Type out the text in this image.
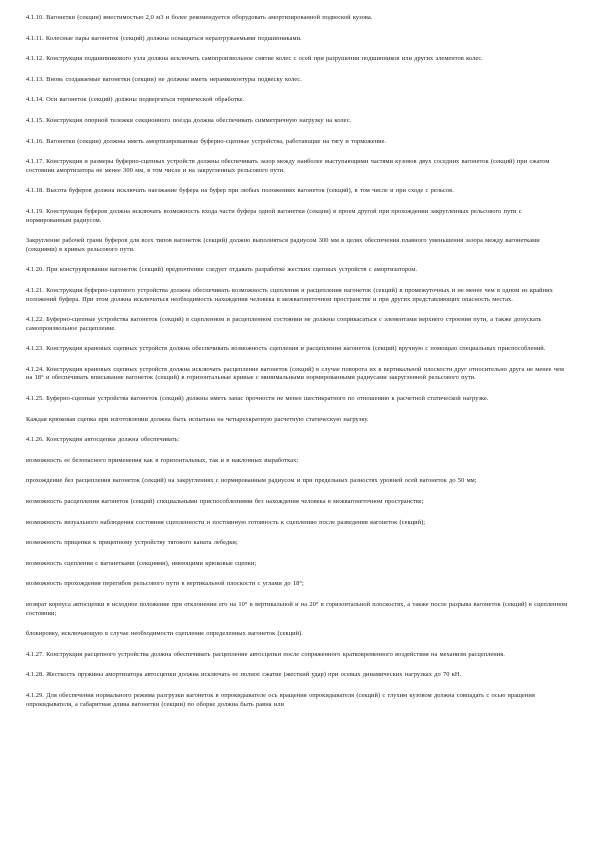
4.1.10. Вагонетки (секции) вместимостью 2,0 м3 и более рекомендуется оборудовать амортизированной подвеской кузова.

4.1.11. Колесные пары вагонеток (секций) должны оснащаться неразгружаемыми подшипниками.

4.1.12. Конструкция подшипникового узла должна исключать самопроизвольное снятие колес с осей при разрушении подшипников или других элементов колес.

4.1.13. Вновь создаваемые вагонетки (секции) не должны иметь нерамкоконтуры подвеску колес.

4.1.14. Оси вагонеток (секций) должны подвергаться термической обработке.

4.1.15. Конструкция опорной тележки секционного поезда должна обеспечивать симметричную нагрузку на колес.

4.1.16. Вагонетки (секции) должны иметь амортизированные буферно-сцепные устройства, работающие на тягу и торможение.

4.1.17. Конструкция и размеры буферно-сцепных устройств должны обеспечивать зазор между наиболее выступающими частями кузовов двух соседних вагонеток (секций) при сжатом состоянии амортизатора не менее 300 мм, в том числе и на закругленных рельсового пути.

4.1.18. Высота буферов должна исключать наезжание буфера на буфер при любых положениях вагонеток (секций), в том числе и при сходе с рельсов.

4.1.19. Конструкция буферов должна исключать возможность входа части буфера одной вагонетки (секции) в проем другой при прохождении закругленных рельсового пути с нормированным радиусом.

Закругление рабочей грани буферов для всех типов вагонеток (секций) должно выполняться радиусом 300 мм в целях обеспечения плавного уменьшения зазора между вагонетками (секциями) в кривых рельсового пути.

4.1.20. При конструировании вагонеток (секций) предпочтение следует отдавать разработке жестких сцепных устройств с амортизатором.

4.1.21. Конструкция буферно-сцепного устройства должна обеспечивать возможность сцепления и расцепления вагонеток (секций) в промежуточных и не менее чем в одном из крайних положений буфера. При этом должна исключаться необходимость нахождения человека в межвагонеточном пространстве и при других представляющих опасность местах.

4.1.22. Буферно-сцепные устройства вагонеток (секций) в сцепленном и расцепленном состоянии не должны соприкасаться с элементами верхнего строения пути, а также допускать самопроизвольное расцепление.

4.1.23. Конструкция крановых сцепных устройств должна обеспечивать возможность сцепления и расцепления вагонеток (секций) вручную с помощью специальных приспособлений.

4.1.24. Конструкция крановых сцепных устройств должна исключать расцепление вагонеток (секций) в случае поворота их в вертикальной плоскости друг относительно друга не менее чем на 18° и обеспечивать вписывание вагонеток (секций) в горизонтальные кривые с минимальными нормированными радиусами закругленной рельсового пути.

4.1.25. Буферно-сцепные устройства вагонеток (секций) должны иметь запас прочности не менее шестикратного по отношению к расчетной статической нагрузке.

Каждая крюковая сцепка при изготовлении должна быть испытана на четырехкратную расчетную статическую нагрузку.

4.1.26. Конструкция автосцепки должна обеспечивать:

возможность ее безопасного применения как в горизонтальных, так и в наклонных выработках;

прохождение без расцепления вагонеток (секций) на закруглениях с нормированным радиусом и при предельных разностях уровней осей вагонеток до 50 мм;

возможность расцепления вагонеток (секций) специальными приспособлениями без нахождения человека в межвагонеточном пространстве;

возможность визуального наблюдения состояния сцепленности и постоянную готовность к сцеплению после разведения вагонеток (секций);

возможность прицепки к прицепному устройству тягового каната лебедки;

возможность сцепления с вагонетками (секциями), имеющими крюковые сцепки;

возможность прохождения перегибов рельсового пути в вертикальной плоскости с углами до 18°;

возврат корпуса автосцепки в исходное положение при отклонении его на 10° в вертикальной и на 20° в горизонтальной плоскостях, а также после разрыва вагонеток (секций) в сцепленном состоянии;

блокировку, исключающую в случае необходимости сцепление определенных вагонеток (секций).

4.1.27. Конструкция расцепного устройства должна обеспечивать расцепление автосцепки после сопряженного кратковременного воздействия на механизм расцепления.

4.1.28. Жесткость пружины амортизатора автосцепки должна исключать ее полное сжатие (жесткий удар) при осевых динамических нагрузках до 70 кН.

4.1.29. Для обеспечения нормального режима разгрузки вагонеток в опрокидывателе ось вращения опрокидывателя (секций) с глухим кузовом должна совпадать с осью вращения опрокидывателя, а габаритная длина вагонетки (секции) по оборке должна быть равна или
